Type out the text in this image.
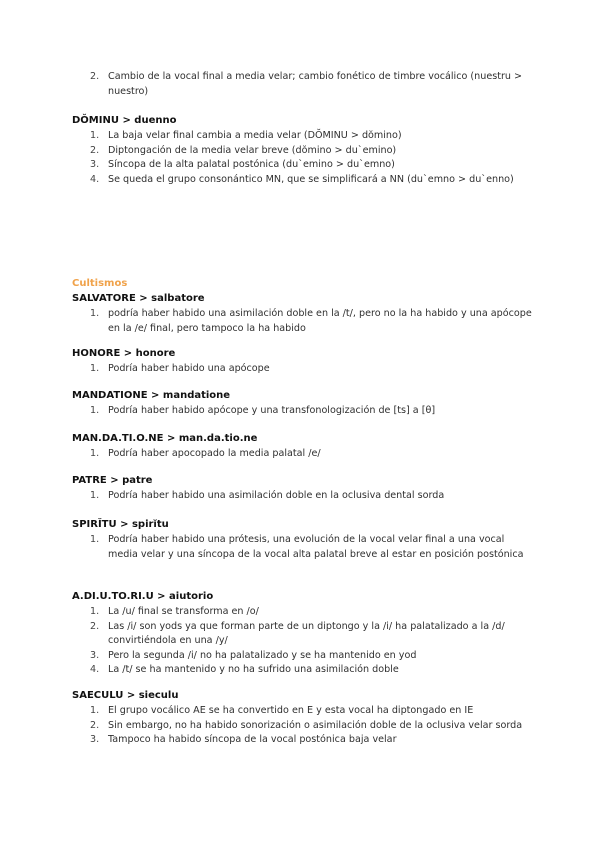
2. Cambio de la vocal final a media velar; cambio fonético de timbre vocálico (nuestru > nuestro)
DŎMINU > duenno
1. La baja velar final cambia a media velar (DŎMINU > dŏmino)
2. Diptongación de la media velar breve (dŏmino > duˋemino)
3. Síncopa de la alta palatal postónica (duˋemino > duˋemno)
4. Se queda el grupo consonántico MN, que se simplificará a NN (duˋemno > duˋenno)
Cultismos
SALVATORE > salbatore
1. podría haber habido una asimilación doble en la /t/, pero no la ha habido y una apócope en la /e/ final, pero tampoco la ha habido
HONORE > honore
1. Podría haber habido una apócope
MANDATIONE > mandatione
1. Podría haber habido apócope y una transfonologización de [ts] a [θ]
MAN.DA.TI.O.NE > man.da.tio.ne
1. Podría haber apocopado la media palatal /e/
PATRE > patre
1. Podría haber habido una asimilación doble en la oclusiva dental sorda
SPIRĬTU > spirĭtu
1. Podría haber habido una prótesis, una evolución de la vocal velar final a una vocal media velar y una síncopa de la vocal alta palatal breve al estar en posición postónica
A.DI.U.TO.RI.U > aiutorio
1. La /u/ final se transforma en /o/
2. Las /i/ son yods ya que forman parte de un diptongo y la /i/ ha palatalizado a la /d/ convirtiéndola en una /y/
3. Pero la segunda /i/ no ha palatalizado y se ha mantenido en yod
4. La /t/ se ha mantenido y no ha sufrido una asimilación doble
SAECULU > sieculu
1. El grupo vocálico AE se ha convertido en E y esta vocal ha diptongado en IE
2. Sin embargo, no ha habido sonorización o asimilación doble de la oclusiva velar sorda
3. Tampoco ha habido síncopa de la vocal postónica baja velar
